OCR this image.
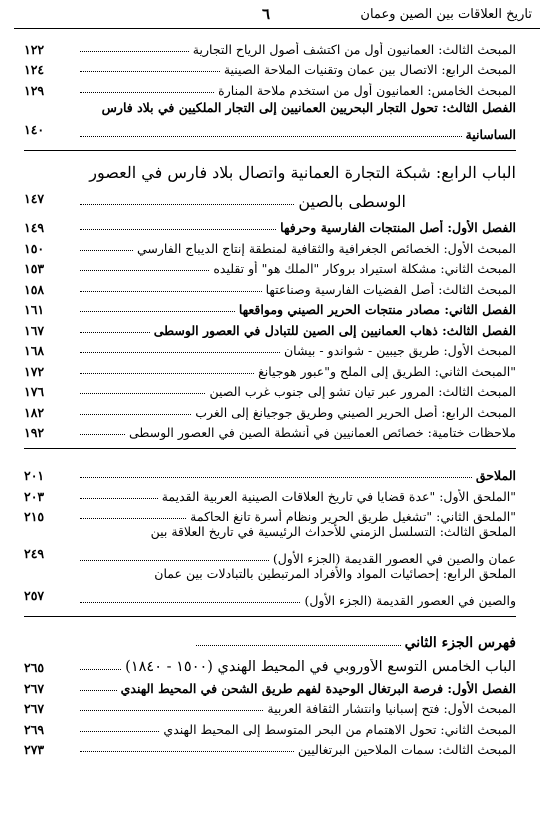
تاريخ العلاقات بين الصين وعمان
٦
المبحث الثالث: العمانيون أول من اكتشف أصول الرياح التجارية
١٢٢
المبحث الرابع: الاتصال بين عمان وتقنيات الملاحة الصينية
١٢٤
المبحث الخامس: العمانيون أول من استخدم ملاحة المنارة
١٢٩
الفصل الثالث: تحول التجار البحريين العمانيين إلى التجار الملكيين في بلاد فارس
الساسانية
١٤٠
الباب الرابع: شبكة التجارة العمانية واتصال بلاد فارس في العصور
الوسطى بالصين
١٤٧
الفصل الأول: أصل المنتجات الفارسية وحرفها
١٤٩
المبحث الأول: الخصائص الجغرافية والثقافية لمنطقة إنتاج الديباج الفارسي
١٥٠
المبحث الثاني: مشكلة استيراد بروكار "الملك هو" أو تقليده
١٥٣
المبحث الثالث: أصل الفضيات الفارسية وصناعتها
١٥٨
الفصل الثاني: مصادر منتجات الحرير الصيني ومواقعها
١٦١
الفصل الثالث: ذهاب العمانيين إلى الصين للتبادل في العصور الوسطى
١٦٧
المبحث الأول: طريق جيبين - شواندو - بيشان
١٦٨
المبحث الثاني: الطريق إلى الملح و"عبور هوجيانغ"
١٧٢
المبحث الثالث: المرور عبر تيان تشو إلى جنوب غرب الصين
١٧٦
المبحث الرابع: أصل الحرير الصيني وطريق جوجيانغ إلى الغرب
١٨٢
ملاحظات ختامية: خصائص العمانيين في أنشطة الصين في العصور الوسطى
١٩٢
الملاحق
٢٠١
الملحق الأول: "عدة قضايا في تاريخ العلاقات الصينية العربية القديمة"
٢٠٣
الملحق الثاني: "تشغيل طريق الحرير ونظام أسرة تانغ الحاكمة"
٢١٥
الملحق الثالث: التسلسل الزمني للأحداث الرئيسية في تاريخ العلاقة بين
عمان والصين في العصور القديمة (الجزء الأول)
٢٤٩
الملحق الرابع: إحصائيات المواد والأفراد المرتبطين بالتبادلات بين عمان
والصين في العصور القديمة (الجزء الأول)
٢٥٧
فهرس الجزء الثاني
الباب الخامس التوسع الأوروبي في المحيط الهندي (١٥٠٠ - ١٨٤٠)
٢٦٥
الفصل الأول: فرصة البرتغال الوحيدة لفهم طريق الشحن في المحيط الهندي
٢٦٧
المبحث الأول: فتح إسبانيا وانتشار الثقافة العربية
٢٦٧
المبحث الثاني: تحول الاهتمام من البحر المتوسط إلى المحيط الهندي
٢٦٩
المبحث الثالث: سمات الملاحين البرتغاليين
٢٧٣
